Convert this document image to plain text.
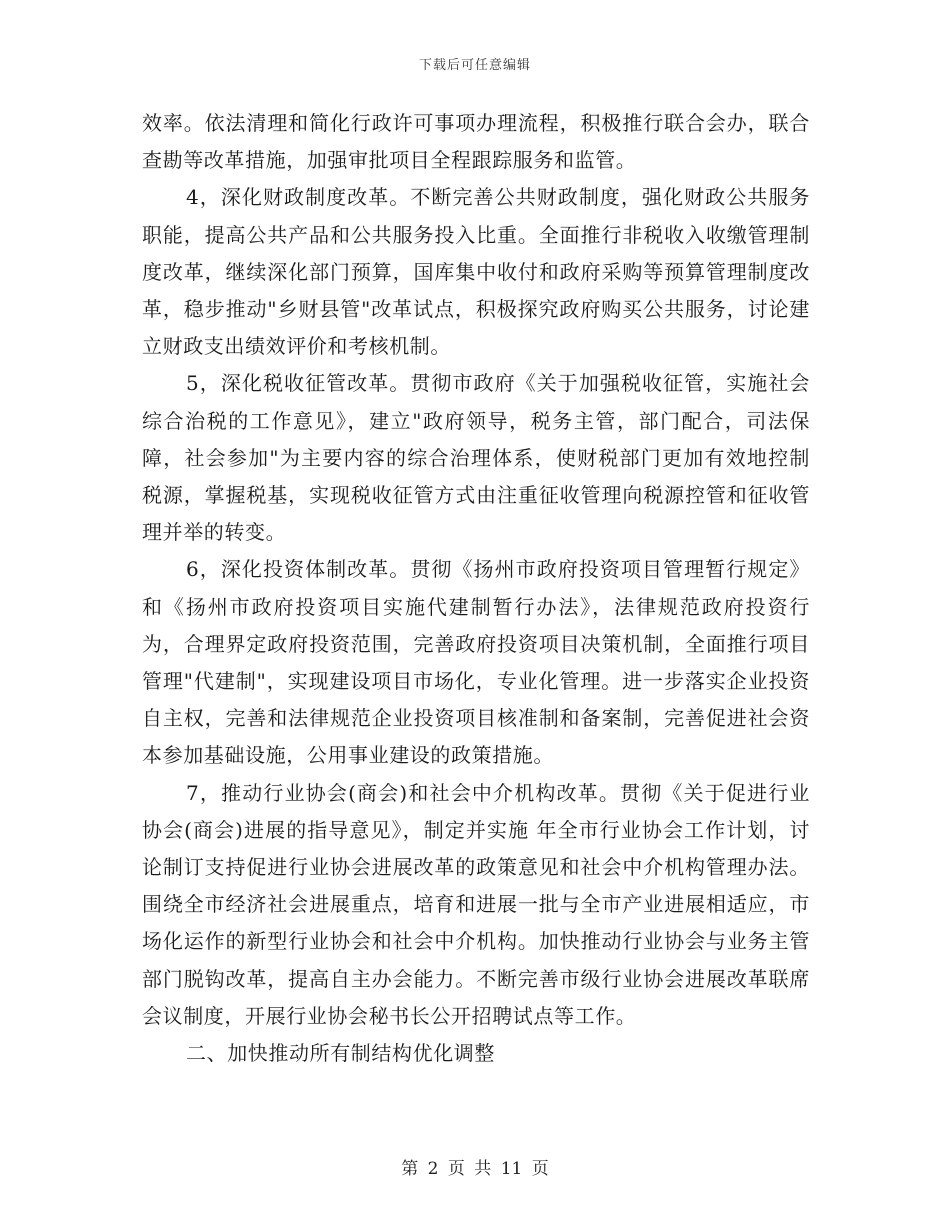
下载后可任意编辑

效率。依法清理和简化行政许可事项办理流程，积极推行联合会办，联合查勘等改革措施，加强审批项目全程跟踪服务和监管。

4，深化财政制度改革。不断完善公共财政制度，强化财政公共服务职能，提高公共产品和公共服务投入比重。全面推行非税收入收缴管理制度改革，继续深化部门预算，国库集中收付和政府采购等预算管理制度改革，稳步推动"乡财县管"改革试点，积极探究政府购买公共服务，讨论建立财政支出绩效评价和考核机制。

5，深化税收征管改革。贯彻市政府《关于加强税收征管，实施社会综合治税的工作意见》，建立"政府领导，税务主管，部门配合，司法保障，社会参加"为主要内容的综合治理体系，使财税部门更加有效地控制税源，掌握税基，实现税收征管方式由注重征收管理向税源控管和征收管理并举的转变。

6，深化投资体制改革。贯彻《扬州市政府投资项目管理暂行规定》和《扬州市政府投资项目实施代建制暂行办法》，法律规范政府投资行为，合理界定政府投资范围，完善政府投资项目决策机制，全面推行项目管理"代建制"，实现建设项目市场化，专业化管理。进一步落实企业投资自主权，完善和法律规范企业投资项目核准制和备案制，完善促进社会资本参加基础设施，公用事业建设的政策措施。

7，推动行业协会(商会)和社会中介机构改革。贯彻《关于促进行业协会(商会)进展的指导意见》，制定并实施 年全市行业协会工作计划，讨论制订支持促进行业协会进展改革的政策意见和社会中介机构管理办法。围绕全市经济社会进展重点，培育和进展一批与全市产业进展相适应，市场化运作的新型行业协会和社会中介机构。加快推动行业协会与业务主管部门脱钩改革，提高自主办会能力。不断完善市级行业协会进展改革联席会议制度，开展行业协会秘书长公开招聘试点等工作。

二、加快推动所有制结构优化调整

第 2 页 共 11 页
